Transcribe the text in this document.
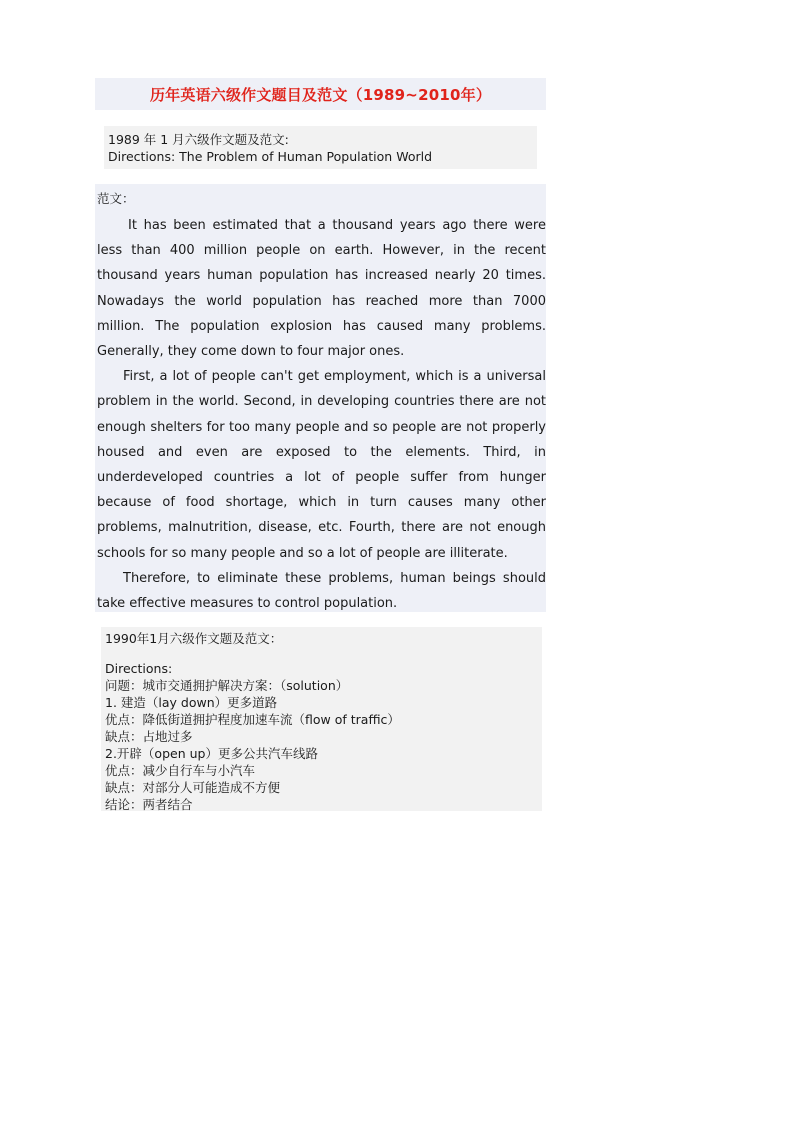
历年英语六级作文题目及范文（1989~2010年）
1989 年 1 月六级作文题及范文:
Directions: The Problem of Human Population World
范文：

It has been estimated that a thousand years ago there were less than 400 million people on earth. However, in the recent thousand years human population has increased nearly 20 times. Nowadays the world population has reached more than 7000 million. The population explosion has caused many problems. Generally, they come down to four major ones.

First, a lot of people can't get employment, which is a universal problem in the world. Second, in developing countries there are not enough shelters for too many people and so people are not properly housed and even are exposed to the elements. Third, in underdeveloped countries a lot of people suffer from hunger because of food shortage, which in turn causes many other problems, malnutrition, disease, etc. Fourth, there are not enough schools for so many people and so a lot of people are illiterate.

Therefore, to eliminate these problems, human beings should take effective measures to control population.

1990年1月六级作文题及范文：
Directions:
问题：城市交通拥护解决方案：（solution）
1. 建造（lay down）更多道路
优点：降低街道拥护程度加速车流（flow of traffic）
缺点：占地过多
2.开辟（open up）更多公共汽车线路
优点：减少自行车与小汽车
缺点：对部分人可能造成不方便
结论：两者结合
